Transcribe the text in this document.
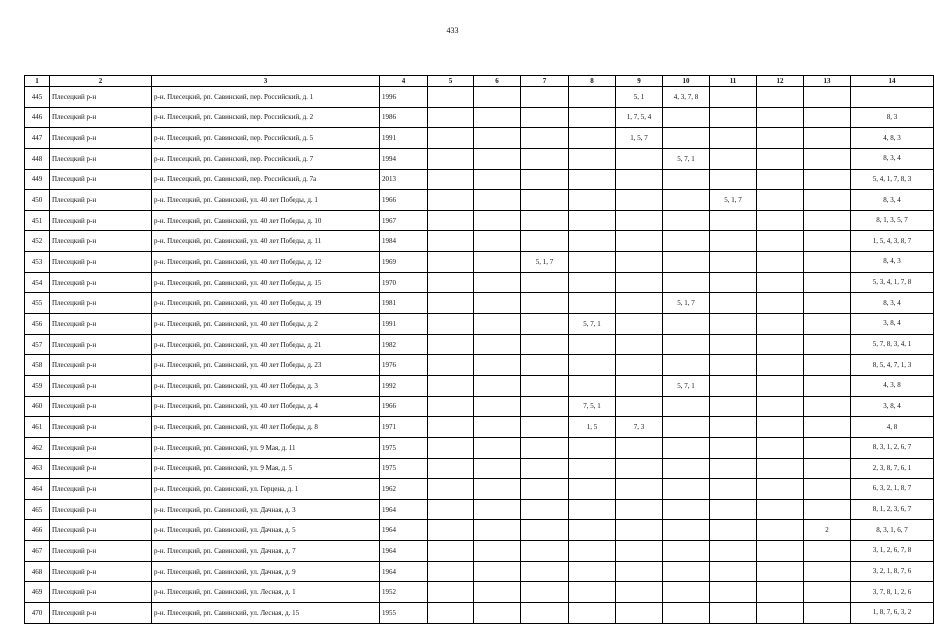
433
1	2	3	4	5	6	7	8	9	10	11	12	13	14
445	Плесецкий р-н	р-н. Плесецкий, рп. Савинский, пер. Российский, д. 1	1996					5, 1	4, 3, 7, 8				
446	Плесецкий р-н	р-н. Плесецкий, рп. Савинский, пер. Российский, д. 2	1986					1, 7, 5, 4					8, 3
447	Плесецкий р-н	р-н. Плесецкий, рп. Савинский, пер. Российский, д. 5	1991					1, 5, 7					4, 8, 3
448	Плесецкий р-н	р-н. Плесецкий, рп. Савинский, пер. Российский, д. 7	1994						5, 7, 1				8, 3, 4
449	Плесецкий р-н	р-н. Плесецкий, рп. Савинский, пер. Российский, д. 7а	2013										5, 4, 1, 7, 8, 3
450	Плесецкий р-н	р-н. Плесецкий, рп. Савинский, ул. 40 лет Победы, д. 1	1966							5, 1, 7			8, 3, 4
451	Плесецкий р-н	р-н. Плесецкий, рп. Савинский, ул. 40 лет Победы, д. 10	1967										8, 1, 3, 5, 7
452	Плесецкий р-н	р-н. Плесецкий, рп. Савинский, ул. 40 лет Победы, д. 11	1984										1, 5, 4, 3, 8, 7
453	Плесецкий р-н	р-н. Плесецкий, рп. Савинский, ул. 40 лет Победы, д. 12	1969			5, 1, 7							8, 4, 3
454	Плесецкий р-н	р-н. Плесецкий, рп. Савинский, ул. 40 лет Победы, д. 15	1970										5, 3, 4, 1, 7, 8
455	Плесецкий р-н	р-н. Плесецкий, рп. Савинский, ул. 40 лет Победы, д. 19	1981						5, 1, 7				8, 3, 4
456	Плесецкий р-н	р-н. Плесецкий, рп. Савинский, ул. 40 лет Победы, д. 2	1991				5, 7, 1						3, 8, 4
457	Плесецкий р-н	р-н. Плесецкий, рп. Савинский, ул. 40 лет Победы, д. 21	1982										5, 7, 8, 3, 4, 1
458	Плесецкий р-н	р-н. Плесецкий, рп. Савинский, ул. 40 лет Победы, д. 23	1976										8, 5, 4, 7, 1, 3
459	Плесецкий р-н	р-н. Плесецкий, рп. Савинский, ул. 40 лет Победы, д. 3	1992						5, 7, 1				4, 3, 8
460	Плесецкий р-н	р-н. Плесецкий, рп. Савинский, ул. 40 лет Победы, д. 4	1966				7, 5, 1						3, 8, 4
461	Плесецкий р-н	р-н. Плесецкий, рп. Савинский, ул. 40 лет Победы, д. 8	1971				1, 5	7, 3					4, 8
462	Плесецкий р-н	р-н. Плесецкий, рп. Савинский, ул. 9 Мая, д. 11	1975										8, 3, 1, 2, 6, 7
463	Плесецкий р-н	р-н. Плесецкий, рп. Савинский, ул. 9 Мая, д. 5	1975										2, 3, 8, 7, 6, 1
464	Плесецкий р-н	р-н. Плесецкий, рп. Савинский, ул. Герцена, д. 1	1962										6, 3, 2, 1, 8, 7
465	Плесецкий р-н	р-н. Плесецкий, рп. Савинский, ул. Дачная, д. 3	1964										8, 1, 2, 3, 6, 7
466	Плесецкий р-н	р-н. Плесецкий, рп. Савинский, ул. Дачная, д. 5	1964									2	8, 3, 1, 6, 7
467	Плесецкий р-н	р-н. Плесецкий, рп. Савинский, ул. Дачная, д. 7	1964										3, 1, 2, 6, 7, 8
468	Плесецкий р-н	р-н. Плесецкий, рп. Савинский, ул. Дачная, д. 9	1964										3, 2, 1, 8, 7, 6
469	Плесецкий р-н	р-н. Плесецкий, рп. Савинский, ул. Лесная, д. 1	1952										3, 7, 8, 1, 2, 6
470	Плесецкий р-н	р-н. Плесецкий, рп. Савинский, ул. Лесная, д. 15	1955										1, 8, 7, 6, 3, 2
